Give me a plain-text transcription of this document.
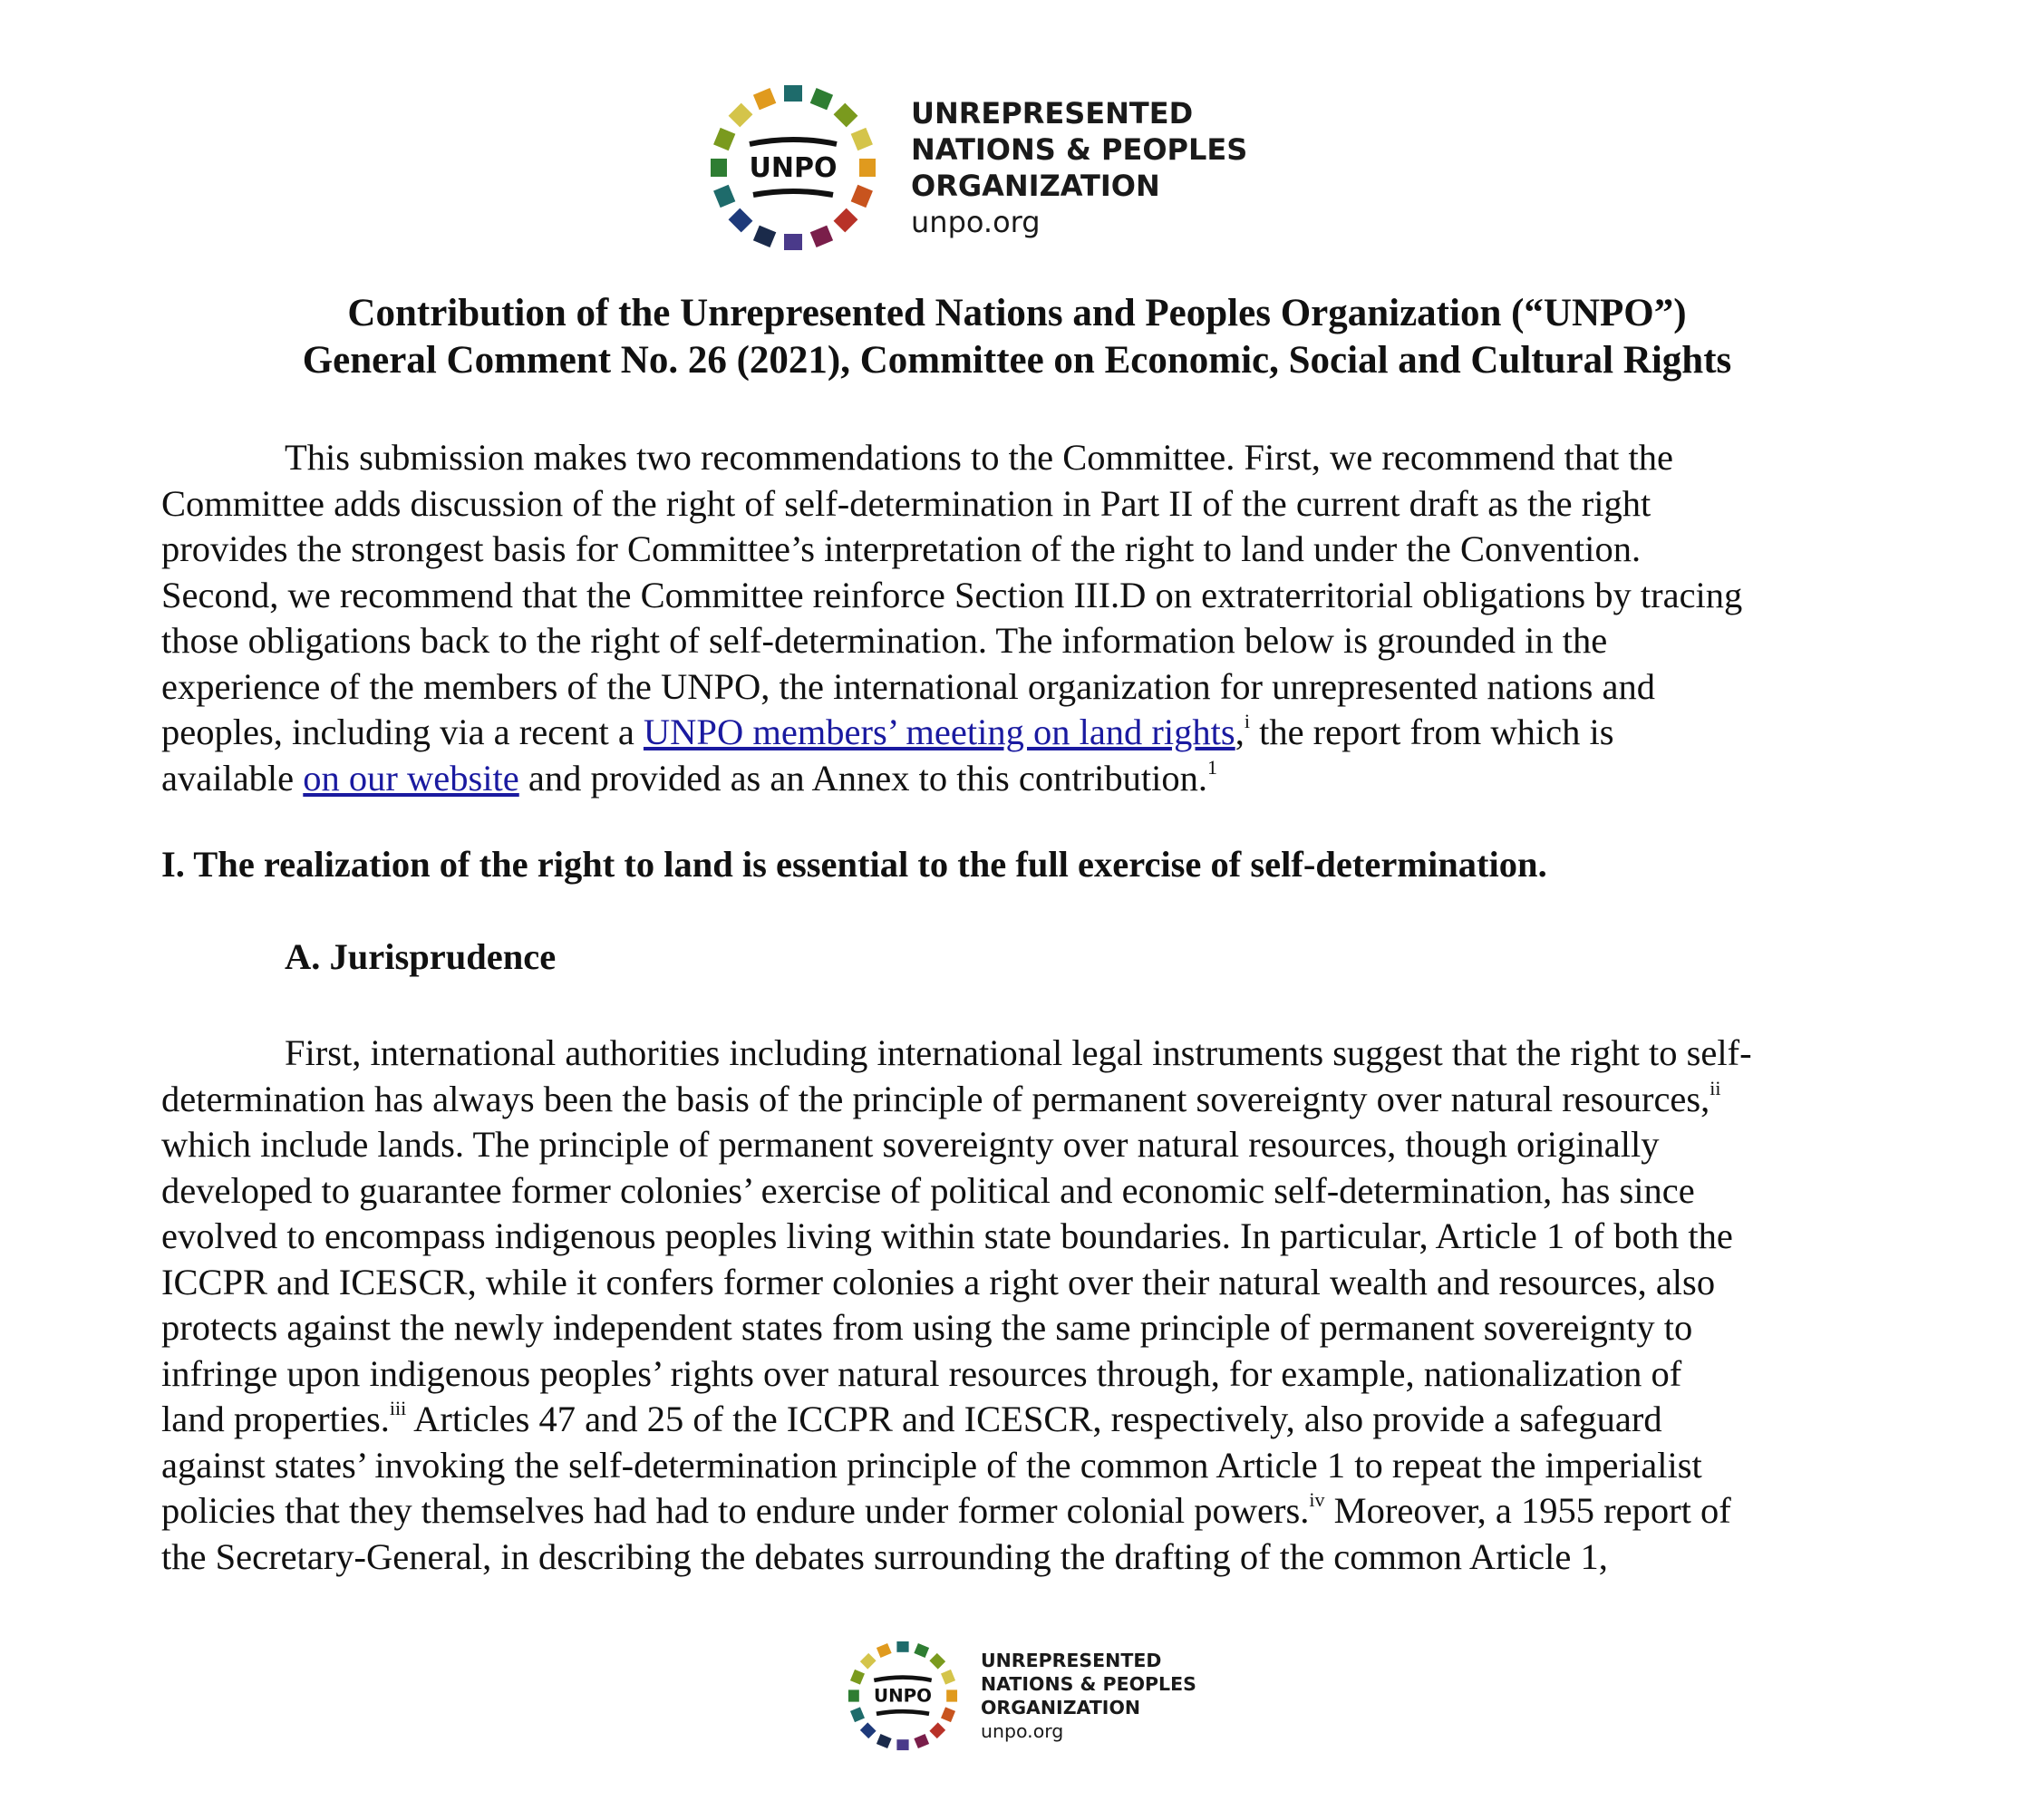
UNPO
UNREPRESENTED
NATIONS & PEOPLES
ORGANIZATION
unpo.org
Contribution of the Unrepresented Nations and Peoples Organization (“UNPO”)
General Comment No. 26 (2021), Committee on Economic, Social and Cultural Rights
This submission makes two recommendations to the Committee. First, we recommend that the
Committee adds discussion of the right of self-determination in Part II of the current draft as the right
provides the strongest basis for Committee’s interpretation of the right to land under the Convention.
Second, we recommend that the Committee reinforce Section III.D on extraterritorial obligations by tracing
those obligations back to the right of self-determination. The information below is grounded in the
experience of the members of the UNPO, the international organization for unrepresented nations and
peoples, including via a recent a UNPO members’ meeting on land rights,$^i$ the report from which is
available on our website and provided as an Annex to this contribution.$^1$
I. The realization of the right to land is essential to the full exercise of self-determination.
A. Jurisprudence
First, international authorities including international legal instruments suggest that the right to self-
determination has always been the basis of the principle of permanent sovereignty over natural resources,$^{ii}$
which include lands. The principle of permanent sovereignty over natural resources, though originally
developed to guarantee former colonies’ exercise of political and economic self-determination, has since
evolved to encompass indigenous peoples living within state boundaries. In particular, Article 1 of both the
ICCPR and ICESCR, while it confers former colonies a right over their natural wealth and resources, also
protects against the newly independent states from using the same principle of permanent sovereignty to
infringe upon indigenous peoples’ rights over natural resources through, for example, nationalization of
land properties.$^{iii}$ Articles 47 and 25 of the ICCPR and ICESCR, respectively, also provide a safeguard
against states’ invoking the self-determination principle of the common Article 1 to repeat the imperialist
policies that they themselves had had to endure under former colonial powers.$^{iv}$ Moreover, a 1955 report of
the Secretary-General, in describing the debates surrounding the drafting of the common Article 1,
UNPO
UNREPRESENTED
NATIONS & PEOPLES
ORGANIZATION
unpo.org
